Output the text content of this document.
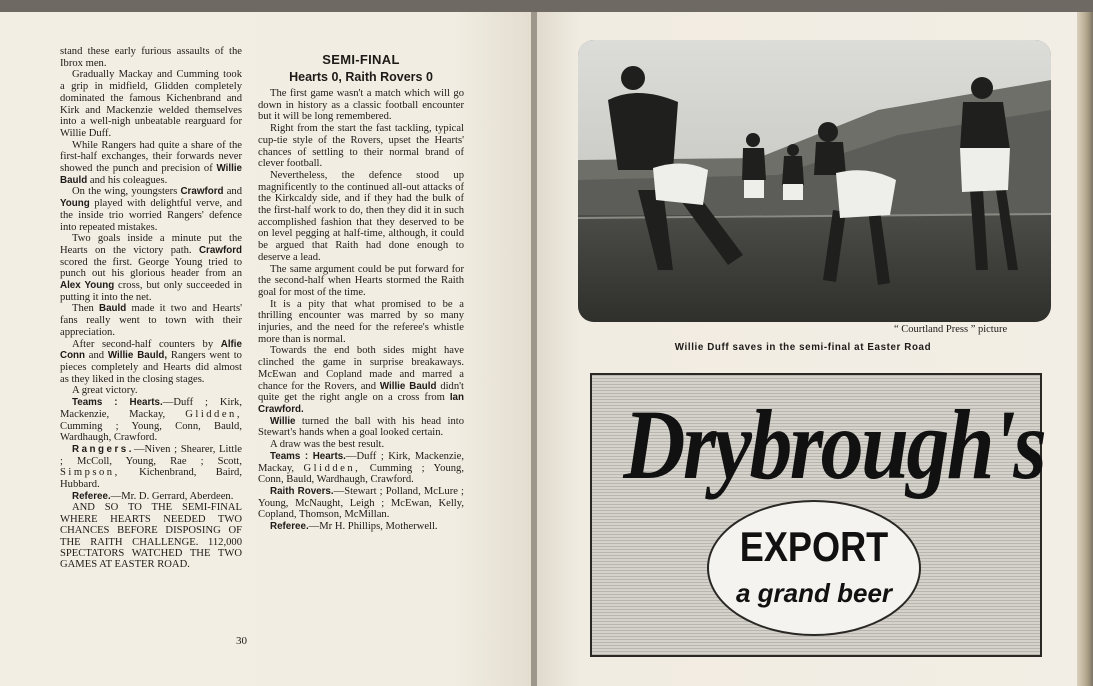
stand these early furious assaults of the Ibrox men.

Gradually Mackay and Cumming took a grip in midfield, Glidden completely dominated the famous Kichenbrand and Kirk and Mackenzie welded themselves into a well-nigh unbeatable rearguard for Willie Duff.

While Rangers had quite a share of the first-half exchanges, their forwards never showed the punch and precision of Willie Bauld and his coleagues.

On the wing, youngsters Crawford and Young played with delightful verve, and the inside trio worried Rangers' defence into repeated mistakes.

Two goals inside a minute put the Hearts on the victory path. Crawford scored the first. George Young tried to punch out his glorious header from an Alex Young cross, but only succeeded in putting it into the net.

Then Bauld made it two and Hearts' fans really went to town with their appreciation.

After second-half counters by Alfie Conn and Willie Bauld, Rangers went to pieces completely and Hearts did almost as they liked in the closing stages.

A great victory.

Teams : Hearts.—Duff ; Kirk, Mackenzie, Mackay, Glidden, Cumming ; Young, Conn, Bauld, Wardhaugh, Crawford.

Rangers.—Niven ; Shearer, Little ; McColl, Young, Rae ; Scott, Simpson, Kichenbrand, Baird, Hubbard.

Referee.—Mr. D. Gerrard, Aberdeen.

AND SO TO THE SEMI-FINAL WHERE HEARTS NEEDED TWO CHANCES BEFORE DISPOSING OF THE RAITH CHALLENGE. 112,000 SPECTATORS WATCHED THE TWO GAMES AT EASTER ROAD.

30
SEMI-FINAL
Hearts 0, Raith Rovers 0

The first game wasn't a match which will go down in history as a classic football encounter but it will be long remembered.

Right from the start the fast tackling, typical cup-tie style of the Rovers, upset the Hearts' chances of settling to their normal brand of clever football.

Nevertheless, the defence stood up magnificently to the continued all-out attacks of the Kirkcaldy side, and if they had the bulk of the first-half work to do, then they did it in such accomplished fashion that they deserved to be on level pegging at half-time, although, it could be argued that Raith had done enough to deserve a lead.

The same argument could be put forward for the second-half when Hearts stormed the Raith goal for most of the time.

It is a pity that what promised to be a thrilling encounter was marred by so many injuries, and the need for the referee's whistle more than is normal.

Towards the end both sides might have clinched the game in surprise breakaways. McEwan and Copland made and marred a chance for the Rovers, and Willie Bauld didn't quite get the right angle on a cross from Ian Crawford.

Willie turned the ball with his head into Stewart's hands when a goal looked certain.

A draw was the best result.

Teams : Hearts.—Duff ; Kirk, Mackenzie, Mackay, Glidden, Cumming ; Young, Conn, Bauld, Wardhaugh, Crawford.

Raith Rovers.—Stewart ; Polland, McLure ; Young, McNaught, Leigh ; McEwan, Kelly, Copland, Thomson, McMillan.

Referee.—Mr H. Phillips, Motherwell.

“ Courtland Press ” picture
Willie Duff saves in the semi-final at Easter Road
Drybrough's
EXPORT
a grand beer
